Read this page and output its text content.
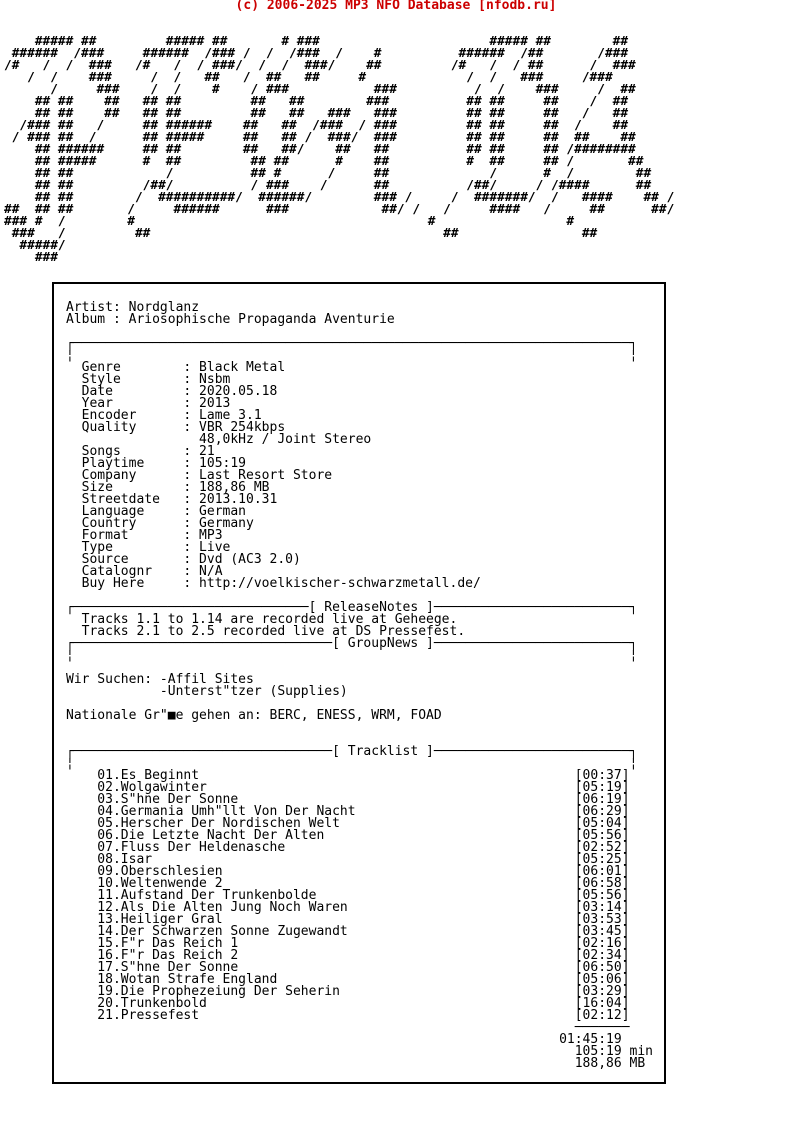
(c) 2006-2025 MP3 NFO Database [nfodb.ru]
##### ##         ##### ##       # ###                      ##### ##        ##
######  /###     ######  /### /  /  /###  /    #          ######  /##       /###
/#   /  /  ###   /#   /  / ###/  /  /  ###/    ##         /#   /  / ##      /  ###
/  /    ###     /  /   ##   /  ##   ##     #             /  /   ###     /###
/     ###    /  /    #    / ###           ###          /  /    ###     /  ##
## ##    ##   ## ##         ##   ##        ###          ## ##     ##    /  ##
## ##    ##   ## ##         ##   ##   ###   ###         ## ##     ##   /   ##
/### ##   /     ## ######    ##   ##  /###  / ###         ## ##     ##  /    ##
/ ### ##  /      ## #####     ##   ## /  ###/  ###         ## ##     ##  ##    ##
## ######     ## ##        ##   ##/    ##   ##          ## ##     ## /########
## #####      #  ##         ## ##      #    ##          #  ##     ## /       ##
## ##            /          ## #      /     ##             /      #  /        ##
## ##         /##/          / ###    /      ##          /##/     / /####      ##
## ##        /  ##########/  ######/        ### /     /  #######/  /   ####    ## /
##  ## ##       /     ######      ###            ##/ /   /     ####   /     ##      ##/
### #  /        #                                      #                 #
###   /         ##                                      ##                ##
#####/
###
Artist: Nordglanz
Album : Ariosophische Propaganda Aventurie

┌───────────────────────────────────────────────────────────────────────┐
¦                                                                       ¦
Genre        : Black Metal
Style        : Nsbm
Date         : 2020.05.18
Year         : 2013
Encoder      : Lame 3.1
Quality      : VBR 254kbps
48,0kHz / Joint Stereo
Songs        : 21
Playtime     : 105:19
Company      : Last Resort Store
Size         : 188,86 MB
Streetdate   : 2013.10.31
Language     : German
Country      : Germany
Format       : MP3
Type         : Live
Source       : Dvd (AC3 2.0)
Catalognr    : N/A
Buy Here     : http://voelkischer-schwarzmetall.de/

┌──────────────────────────────[ ReleaseNotes ]─────────────────────────┐
Tracks 1.1 to 1.14 are recorded live at Geheege.
Tracks 2.1 to 2.5 recorded live at DS Pressefest.
┌─────────────────────────────────[ GroupNews ]─────────────────────────┐
¦                                                                       ¦

Wir Suchen: -Affil Sites
-Unterst"tzer (Supplies)

Nationale Gr"■e gehen an: BERC, ENESS, WRM, FOAD

┌─────────────────────────────────[ Tracklist ]─────────────────────────┐
¦                                                                       ¦
01.Es Beginnt                                                [00:37]
02.Wolgawinter                                               [05:19]
03.S"hne Der Sonne                                           [06:19]
04.Germania Umh"llt Von Der Nacht                            [06:29]
05.Herscher Der Nordischen Welt                              [05:04]
06.Die Letzte Nacht Der Alten                                [05:56]
07.Fluss Der Heldenasche                                     [02:52]
08.Isar                                                      [05:25]
09.Oberschlesien                                             [06:01]
10.Weltenwende 2                                             [06:58]
11.Aufstand Der Trunkenbolde                                 [05:56]
12.Als Die Alten Jung Noch Waren                             [03:14]
13.Heiliger Gral                                             [03:53]
14.Der Schwarzen Sonne Zugewandt                             [03:45]
15.F"r Das Reich 1                                           [02:16]
16.F"r Das Reich 2                                           [02:34]
17.S"hne Der Sonne                                           [06:50]
18.Wotan Strafe England                                      [05:06]
19.Die Prophezeiung Der Seherin                              [03:29]
20.Trunkenbold                                               [16:04]
21.Pressefest                                                [02:12]
───────
01:45:19
105:19 min
188,86 MB
